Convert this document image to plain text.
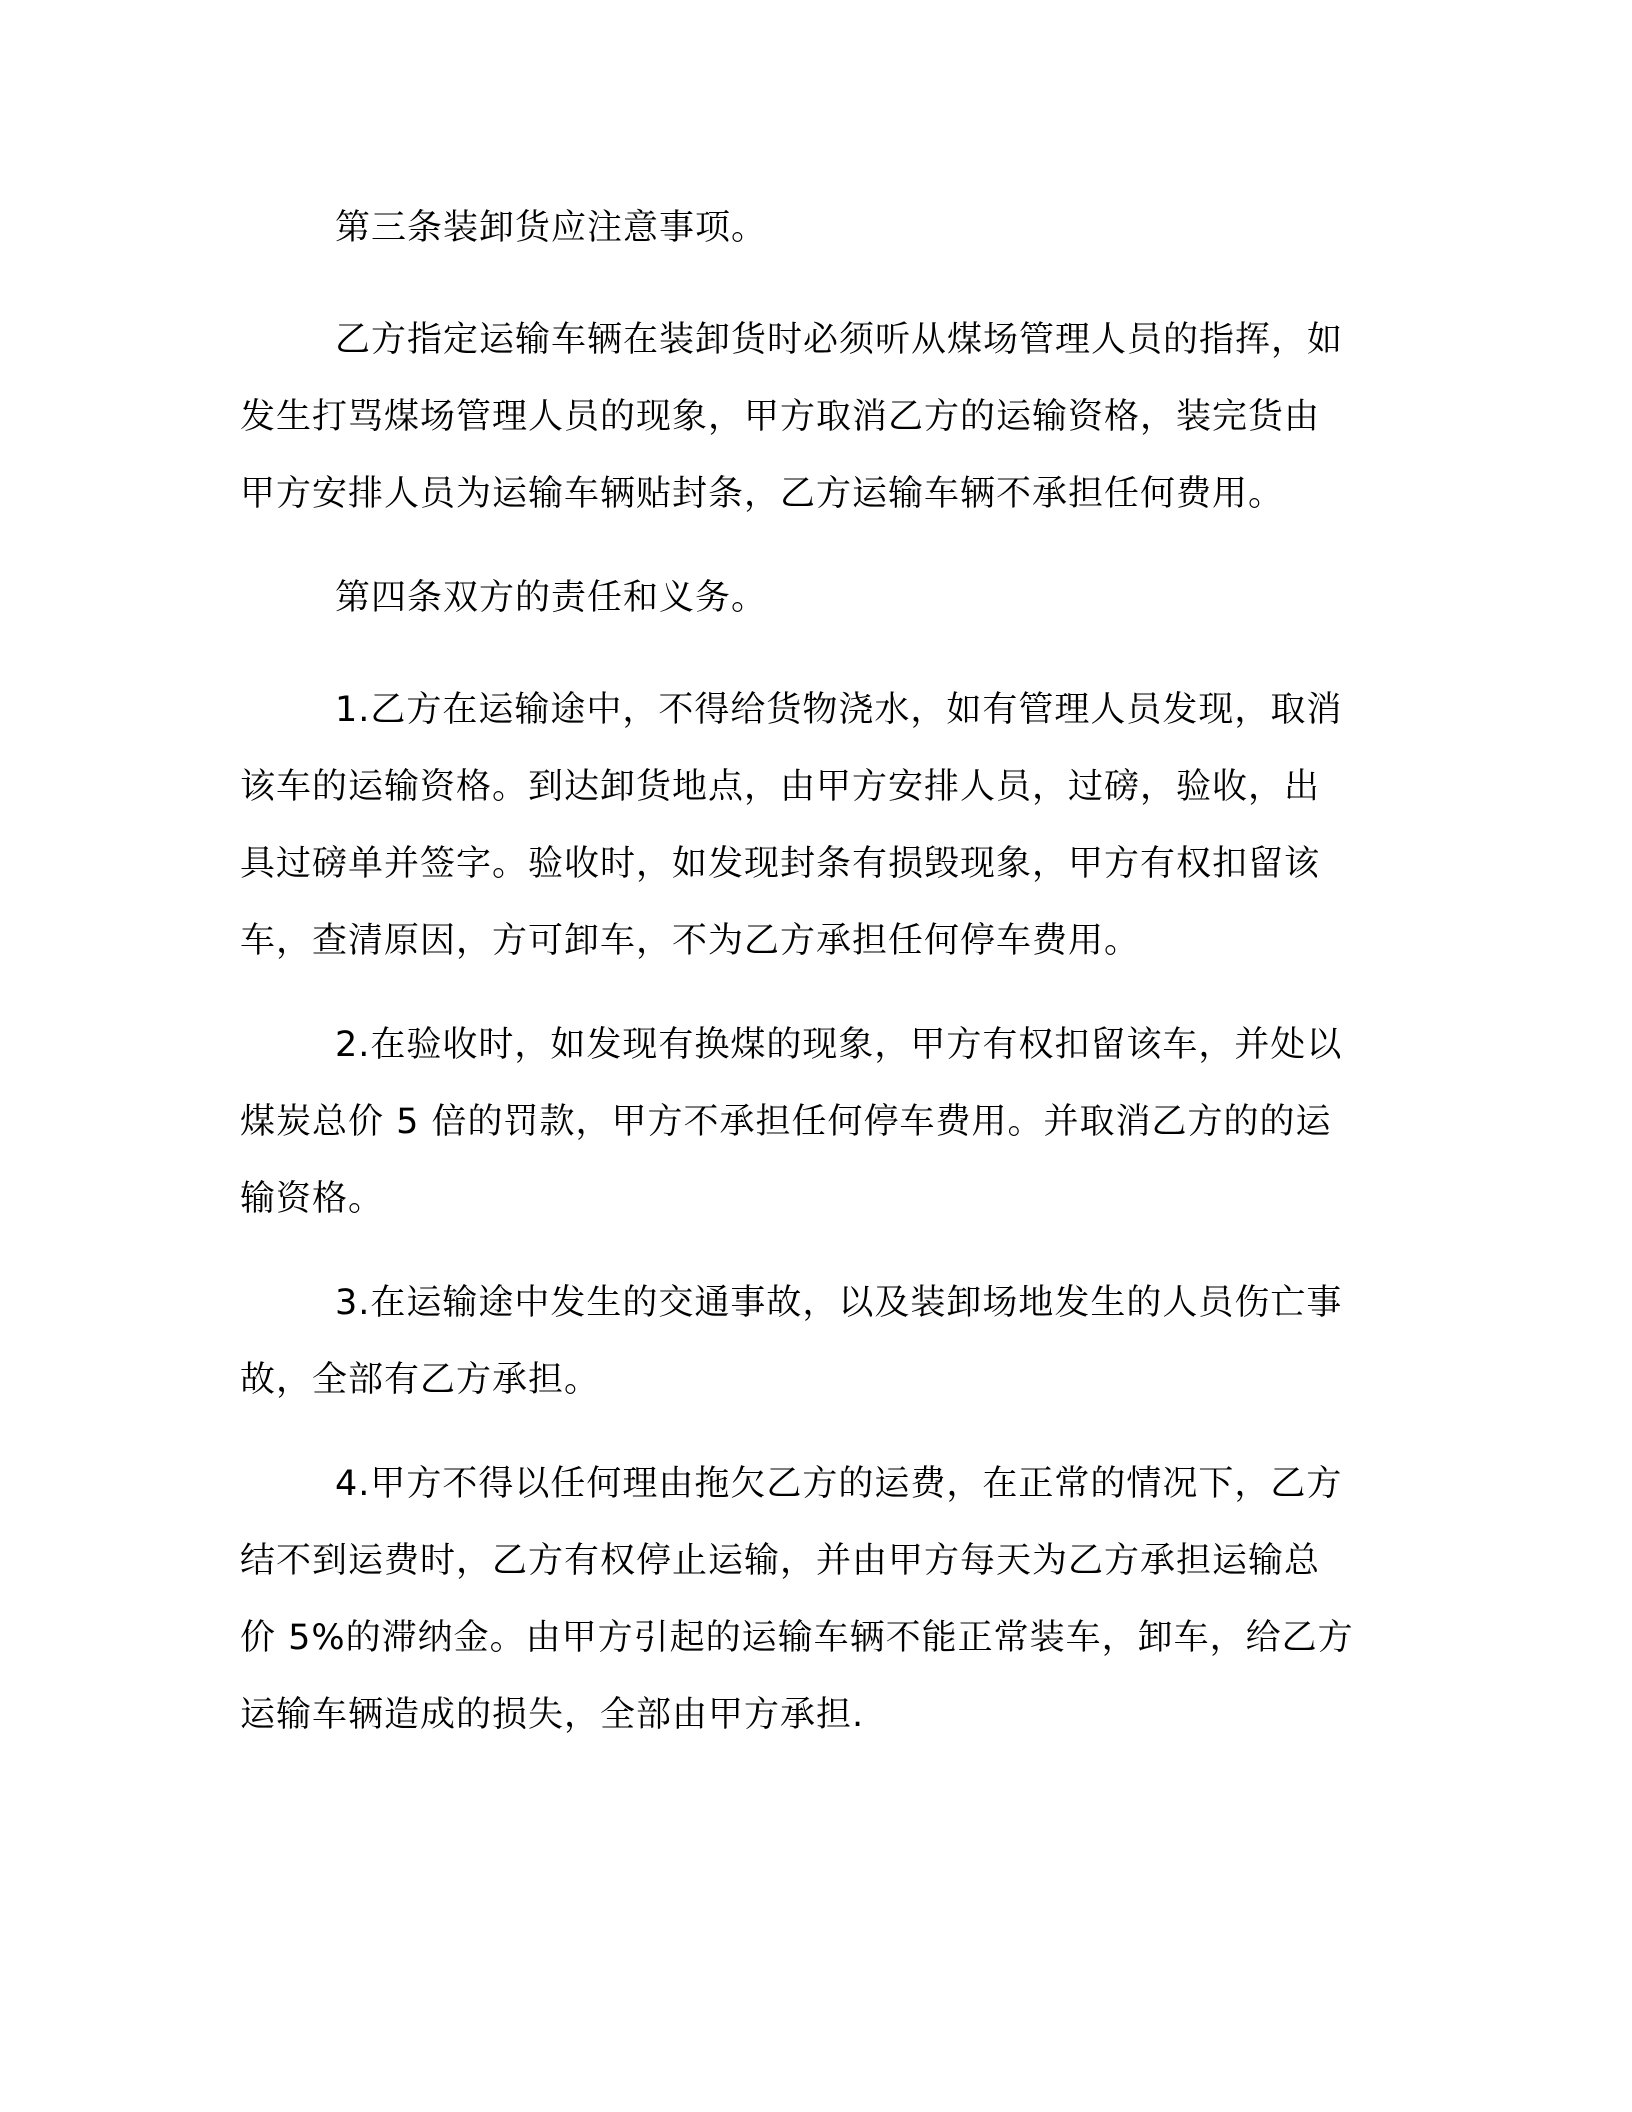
第三条装卸货应注意事项。

乙方指定运输车辆在装卸货时必须听从煤场管理人员的指挥，如
发生打骂煤场管理人员的现象，甲方取消乙方的运输资格，装完货由
甲方安排人员为运输车辆贴封条，乙方运输车辆不承担任何费用。

第四条双方的责任和义务。

1.乙方在运输途中，不得给货物浇水，如有管理人员发现，取消
该车的运输资格。到达卸货地点，由甲方安排人员，过磅，验收，出
具过磅单并签字。验收时，如发现封条有损毁现象，甲方有权扣留该
车，查清原因，方可卸车，不为乙方承担任何停车费用。

2.在验收时，如发现有换煤的现象，甲方有权扣留该车，并处以
煤炭总价 5 倍的罚款，甲方不承担任何停车费用。并取消乙方的的运
输资格。

3.在运输途中发生的交通事故，以及装卸场地发生的人员伤亡事
故，全部有乙方承担。

4.甲方不得以任何理由拖欠乙方的运费，在正常的情况下，乙方
结不到运费时，乙方有权停止运输，并由甲方每天为乙方承担运输总
价 5%的滞纳金。由甲方引起的运输车辆不能正常装车，卸车，给乙方
运输车辆造成的损失，全部由甲方承担.
